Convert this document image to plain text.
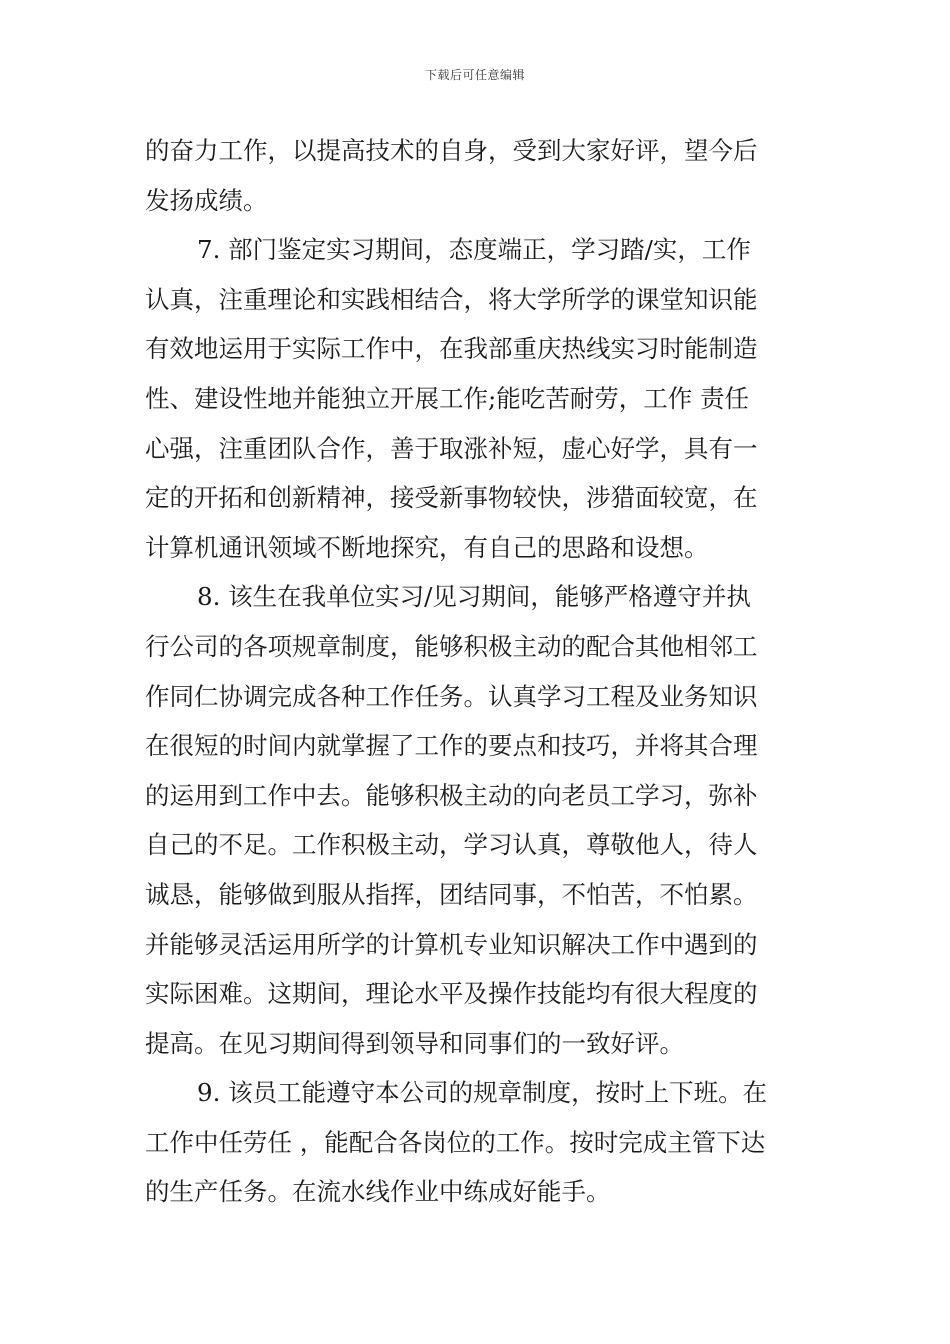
下载后可任意编辑
的奋力工作，以提高技术的自身，受到大家好评，望今后
发扬成绩。
7. 部门鉴定实习期间，态度端正，学习踏/实，工作
认真，注重理论和实践相结合，将大学所学的课堂知识能
有效地运用于实际工作中，在我部重庆热线实习时能制造
性、建设性地并能独立开展工作;能吃苦耐劳，工作 责任
心强，注重团队合作，善于取涨补短，虚心好学，具有一
定的开拓和创新精神，接受新事物较快，涉猎面较宽，在
计算机通讯领域不断地探究，有自己的思路和设想。
8. 该生在我单位实习/见习期间，能够严格遵守并执
行公司的各项规章制度，能够积极主动的配合其他相邻工
作同仁协调完成各种工作任务。认真学习工程及业务知识
在很短的时间内就掌握了工作的要点和技巧，并将其合理
的运用到工作中去。能够积极主动的向老员工学习，弥补
自己的不足。工作积极主动，学习认真，尊敬他人，待人
诚恳，能够做到服从指挥，团结同事，不怕苦，不怕累。
并能够灵活运用所学的计算机专业知识解决工作中遇到的
实际困难。这期间，理论水平及操作技能均有很大程度的
提高。在见习期间得到领导和同事们的一致好评。
9. 该员工能遵守本公司的规章制度，按时上下班。在
工作中任劳任 ，能配合各岗位的工作。按时完成主管下达
的生产任务。在流水线作业中练成好能手。
